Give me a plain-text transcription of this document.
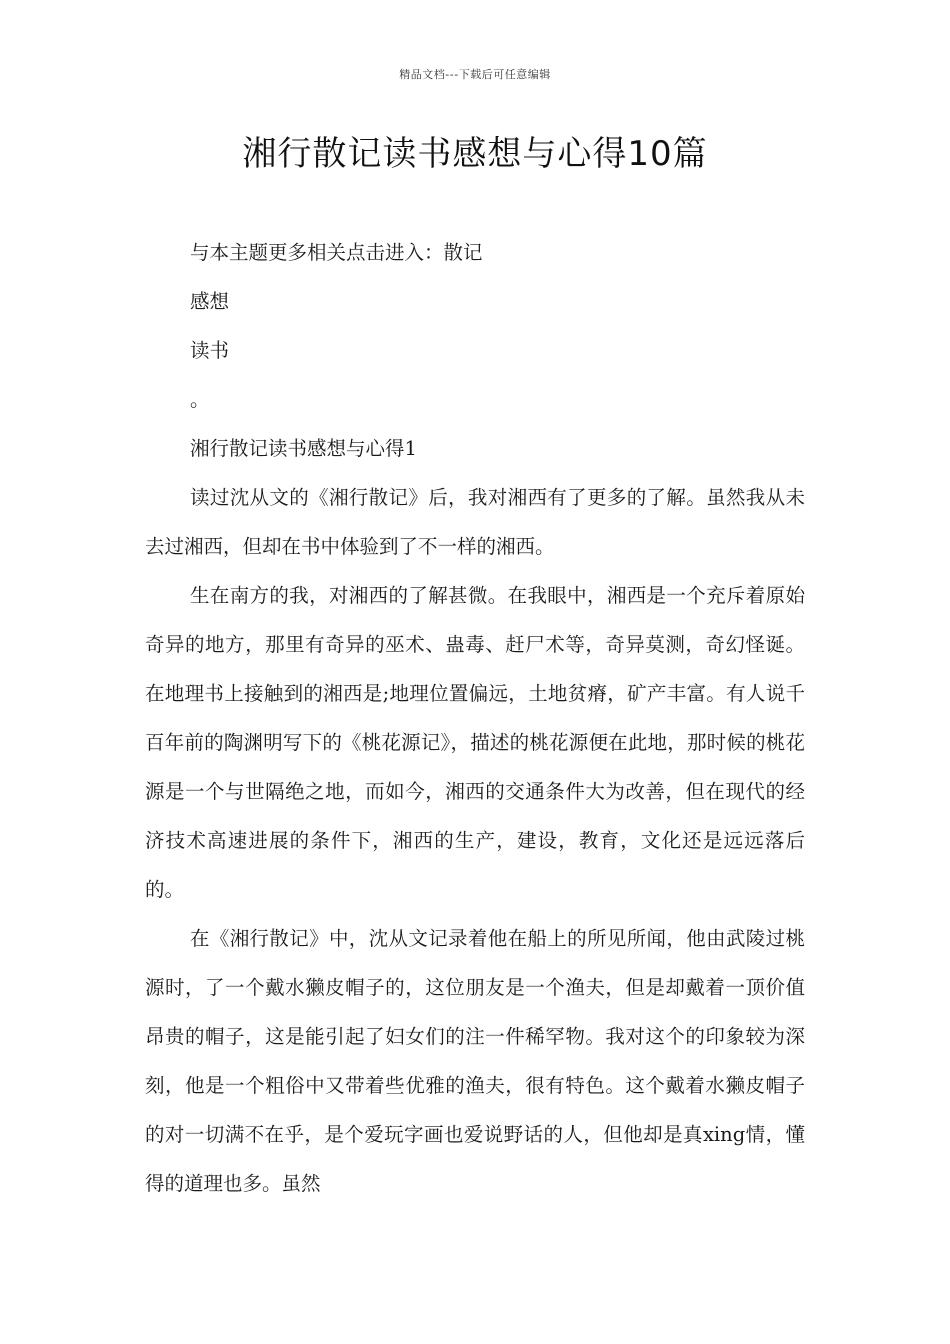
精品文档---下载后可任意编辑
湘行散记读书感想与心得10篇

与本主题更多相关点击进入：散记

感想

读书

。

湘行散记读书感想与心得1

读过沈从文的《湘行散记》后，我对湘西有了更多的了解。虽然我从未去过湘西，但却在书中体验到了不一样的湘西。

生在南方的我，对湘西的了解甚微。在我眼中，湘西是一个充斥着原始奇异的地方，那里有奇异的巫术、蛊毒、赶尸术等，奇异莫测，奇幻怪诞。在地理书上接触到的湘西是;地理位置偏远，土地贫瘠，矿产丰富。有人说千百年前的陶渊明写下的《桃花源记》，描述的桃花源便在此地，那时候的桃花源是一个与世隔绝之地，而如今，湘西的交通条件大为改善，但在现代的经济技术高速进展的条件下，湘西的生产，建设，教育，文化还是远远落后的。

在《湘行散记》中，沈从文记录着他在船上的所见所闻，他由武陵过桃源时，了一个戴水獭皮帽子的，这位朋友是一个渔夫，但是却戴着一顶价值昂贵的帽子，这是能引起了妇女们的注一件稀罕物。我对这个的印象较为深刻，他是一个粗俗中又带着些优雅的渔夫，很有特色。这个戴着水獭皮帽子的对一切满不在乎，是个爱玩字画也爱说野话的人，但他却是真xing情，懂得的道理也多。虽然
